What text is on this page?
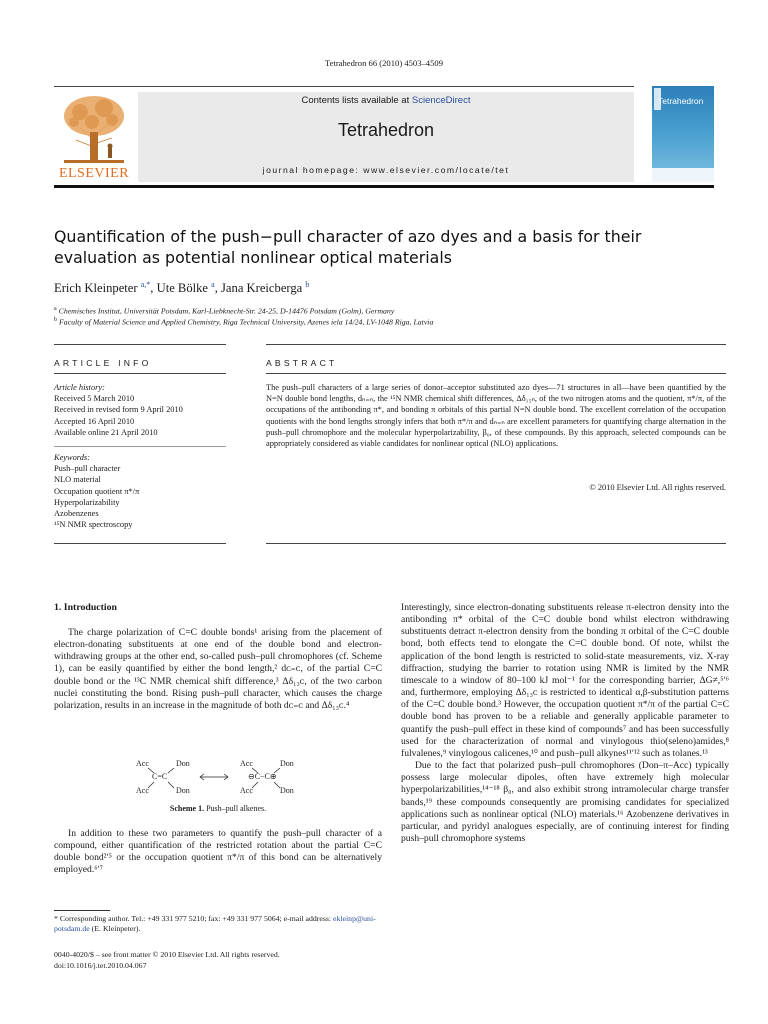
Tetrahedron 66 (2010) 4503–4509
ELSEVIER
Contents lists available at ScienceDirect
Tetrahedron
journal homepage: www.elsevier.com/locate/tet
Tetrahedron
Quantification of the push−pull character of azo dyes and a basis for their
evaluation as potential nonlinear optical materials
Erich Kleinpeter $^{a,*}$, Ute Bölke $^a$, Jana Kreicberga $^b$
$^a$ Chemisches Institut, Universität Potsdam, Karl-Liebknecht-Str. 24-25, D-14476 Potsdam (Golm), Germany
$^b$ Faculty of Material Science and Applied Chemistry, Riga Technical University, Azenes iela 14/24, LV-1048 Riga, Latvia
ARTICLE INFO
Article history:
Received 5 March 2010
Received in revised form 9 April 2010
Accepted 16 April 2010
Available online 21 April 2010
Keywords:
Push–pull character
NLO material
Occupation quotient π*/π
Hyperpolarizability
Azobenzenes
¹⁵N NMR spectroscopy
ABSTRACT
The push–pull characters of a large series of donor–acceptor substituted azo dyes—71 structures in all—have been quantified by the N=N double bond lengths, dₙ₌ₙ, the ¹⁵N NMR chemical shift differences, Δδ₁₅ₙ, of the two nitrogen atoms and the quotient, π*/π, of the occupations of the antibonding π*, and bonding π orbitals of this partial N=N double bond. The excellent correlation of the occupation quotients with the bond lengths strongly infers that both π*/π and dₙ₌ₙ are excellent parameters for quantifying charge alternation in the push–pull chromophore and the molecular hyperpolarizability, β₀, of these compounds. By this approach, selected compounds can be appropriately considered as viable candidates for nonlinear optical (NLO) applications.
© 2010 Elsevier Ltd. All rights reserved.
1. Introduction

The charge polarization of C=C double bonds¹ arising from the placement of electron-donating substituents at one end of the double bond and electron-withdrawing groups at the other end, so-called push–pull chromophores (cf. Scheme 1), can be easily quantified by either the bond length,² dᴄ₌ᴄ, of the partial C=C double bond or the ¹³C NMR chemical shift difference,³ Δδ₁₃ᴄ, of the two carbon nuclei constituting the bond. Rising push–pull character, which causes the charge polarization, results in an increase in the magnitude of both dᴄ₌ᴄ and Δδ₁₃ᴄ.⁴

Acc	Don
C=C
Acc	Don
Acc	Don
⊖C−C⊕
Acc	Don
Scheme 1. Push–pull alkenes.

In addition to these two parameters to quantify the push–pull character of a compound, either quantification of the restricted rotation about the partial C=C double bond²ʹ⁵ or the occupation quotient π*/π of this bond can be alternatively employed.⁶ʹ⁷

* Corresponding author. Tel.: +49 331 977 5210; fax: +49 331 977 5064; e-mail address: ekleinp@uni-potsdam.de (E. Kleinpeter).
0040-4020/$ – see front matter © 2010 Elsevier Ltd. All rights reserved.
doi:10.1016/j.tet.2010.04.067

Interestingly, since electron-donating substituents release π-electron density into the antibonding π* orbital of the C=C double bond whilst electron withdrawing substituents detract π-electron density from the bonding π orbital of the C=C double bond, both effects tend to elongate the C=C double bond. Of note, whilst the application of the bond length is restricted to solid-state measurements, viz. X-ray diffraction, studying the barrier to rotation using NMR is limited by the NMR timescale to a window of 80–100 kJ mol⁻¹ for the corresponding barrier, ΔG≠,⁵ʹ⁶ and, furthermore, employing Δδ₁₃ᴄ is restricted to identical α,β-substitution patterns of the C=C double bond.³ However, the occupation quotient π*/π of the partial C=C double bond has proven to be a reliable and generally applicable parameter to quantify the push–pull effect in these kind of compounds⁷ and has been successfully used for the characterization of normal and vinylogous thio(seleno)amides,⁸ fulvalenes,⁹ vinylogous calicenes,¹⁰ and push–pull alkynes¹¹ʹ¹² such as tolanes.¹³

Due to the fact that polarized push–pull chromophores (Don–π–Acc) typically possess large molecular dipoles, often have extremely high molecular hyperpolarizabilities,¹⁴⁻¹⁸ β₀, and also exhibit strong intramolecular charge transfer bands,¹⁹ these compounds consequently are promising candidates for specialized applications such as nonlinear optical (NLO) materials.¹⁶ Azobenzene derivatives in particular, and pyridyl analogues especially, are of continuing interest for finding push–pull chromophore systems
